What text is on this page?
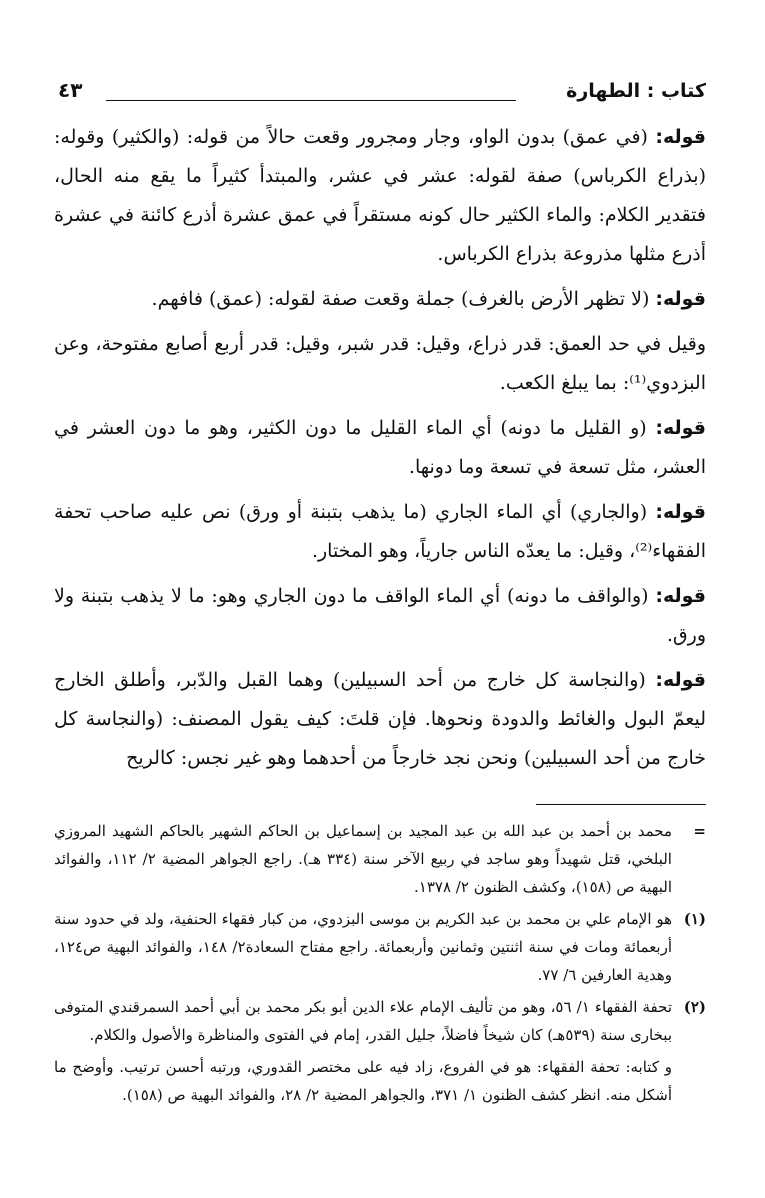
كتاب : الطهارة
٤٣

قوله: (في عمق) بدون الواو، وجار ومجرور وقعت حالاً من قوله: (والكثير) وقوله: (بذراع الكرباس) صفة لقوله: عشر في عشر، والمبتدأ كثيراً ما يقع منه الحال، فتقدير الكلام: والماء الكثير حال كونه مستقراً في عمق عشرة أذرع كائنة في عشرة أذرع مثلها مذروعة بذراع الكرباس.

قوله: (لا تظهر الأرض بالغرف) جملة وقعت صفة لقوله: (عمق) فافهم.

وقيل في حد العمق: قدر ذراع، وقيل: قدر شبر، وقيل: قدر أربع أصابع مفتوحة، وعن البزدوي⁽¹⁾: بما يبلغ الكعب.

قوله: (و القليل ما دونه) أي الماء القليل ما دون الكثير، وهو ما دون العشر في العشر، مثل تسعة في تسعة وما دونها.

قوله: (والجاري) أي الماء الجاري (ما يذهب بتبنة أو ورق) نص عليه صاحب تحفة الفقهاء⁽²⁾، وقيل: ما يعدّه الناس جارياً، وهو المختار.

قوله: (والواقف ما دونه) أي الماء الواقف ما دون الجاري وهو: ما لا يذهب بتبنة ولا ورق.

قوله: (والنجاسة كل خارج من أحد السبيلين) وهما القبل والدّبر، وأطلق الخارج ليعمّ البول والغائط والدودة ونحوها. فإن قلتَ: كيف يقول المصنف: (والنجاسة كل خارج من أحد السبيلين) ونحن نجد خارجاً من أحدهما وهو غير نجس: كالريح

=
محمد بن أحمد بن عبد الله بن عبد المجيد بن إسماعيل بن الحاكم الشهير بالحاكم الشهيد المروزي البلخي، قتل شهيداً وهو ساجد في ربيع الآخر سنة (٣٣٤ هـ). راجع الجواهر المضية ٢/ ١١٢، والفوائد البهية ص (١٥٨)، وكشف الظنون ٢/ ١٣٧٨.
(١)
هو الإمام علي بن محمد بن عبد الكريم بن موسى البزدوي، من كبار فقهاء الحنفية، ولد في حدود سنة أربعمائة ومات في سنة اثنتين وثمانين وأربعمائة. راجع مفتاح السعادة٢/ ١٤٨، والفوائد البهية ص١٢٤، وهدية العارفين ٦/ ٧٧.
(٢)
تحفة الفقهاء ١/ ٥٦، وهو من تأليف الإمام علاء الدين أبو بكر محمد بن أبي أحمد السمرقندي المتوفى ببخارى سنة (٥٣٩هـ) كان شيخاً فاضلاً، جليل القدر، إمام في الفتوى والمناظرة والأصول والكلام.
و كتابه: تحفة الفقهاء: هو في الفروع، زاد فيه على مختصر القدوري، ورتبه أحسن ترتيب. وأوضح ما أشكل منه. انظر كشف الظنون ١/ ٣٧١، والجواهر المضية ٢/ ٢٨، والفوائد البهية ص (١٥٨).
